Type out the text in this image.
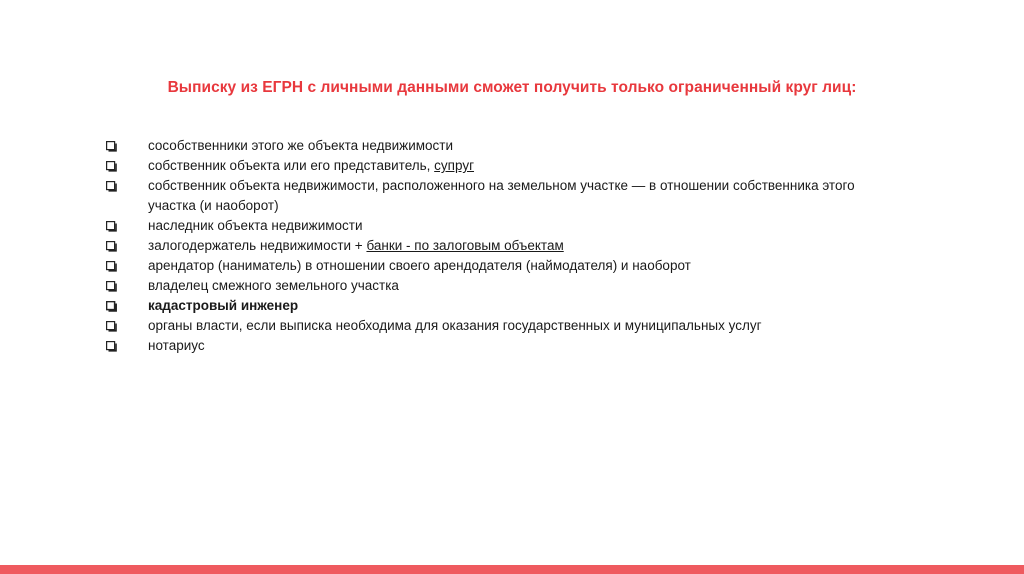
Выписку из ЕГРН с личными данными сможет получить только ограниченный круг лиц:
сособственники этого же объекта недвижимости
собственник объекта или его представитель, супруг
собственник объекта недвижимости, расположенного на земельном участке — в отношении собственника этого участка (и наоборот)
наследник объекта недвижимости
залогодержатель недвижимости + банки - по залоговым объектам
арендатор (наниматель) в отношении своего арендодателя (наймодателя) и наоборот
владелец смежного земельного участка
кадастровый инженер
органы власти, если выписка необходима для оказания государственных и муниципальных услуг
нотариус
